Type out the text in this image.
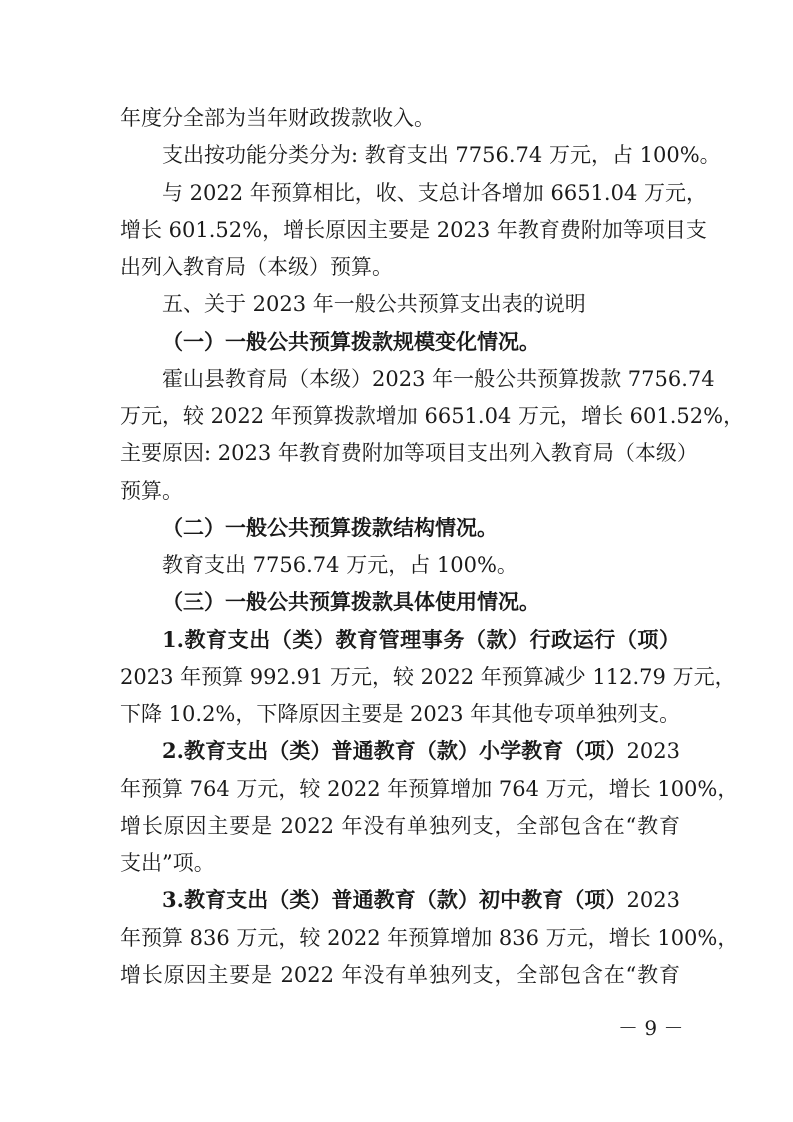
年度分全部为当年财政拨款收入。
支出按功能分类分为: 教育支出 7756.74 万元，占 100%。
与 2022 年预算相比，收、支总计各增加 6651.04 万元，
增长 601.52%，增长原因主要是 2023 年教育费附加等项目支
出列入教育局（本级）预算。
五、关于 2023 年一般公共预算支出表的说明
（一）一般公共预算拨款规模变化情况。
霍山县教育局（本级）2023 年一般公共预算拨款 7756.74
万元，较 2022 年预算拨款增加 6651.04 万元，增长 601.52%，
主要原因: 2023 年教育费附加等项目支出列入教育局（本级）
预算。
（二）一般公共预算拨款结构情况。
教育支出 7756.74 万元，占 100%。
（三）一般公共预算拨款具体使用情况。
1.教育支出（类）教育管理事务（款）行政运行（项）
2023 年预算 992.91 万元，较 2022 年预算减少 112.79 万元，
下降 10.2%，下降原因主要是 2023 年其他专项单独列支。
2.教育支出（类）普通教育（款）小学教育（项）2023
年预算 764 万元，较 2022 年预算增加 764 万元，增长 100%，
增长原因主要是 2022 年没有单独列支，全部包含在“教育
支出”项。
3.教育支出（类）普通教育（款）初中教育（项）2023
年预算 836 万元，较 2022 年预算增加 836 万元，增长 100%，
增长原因主要是 2022 年没有单独列支，全部包含在“教育
－ 9 －
